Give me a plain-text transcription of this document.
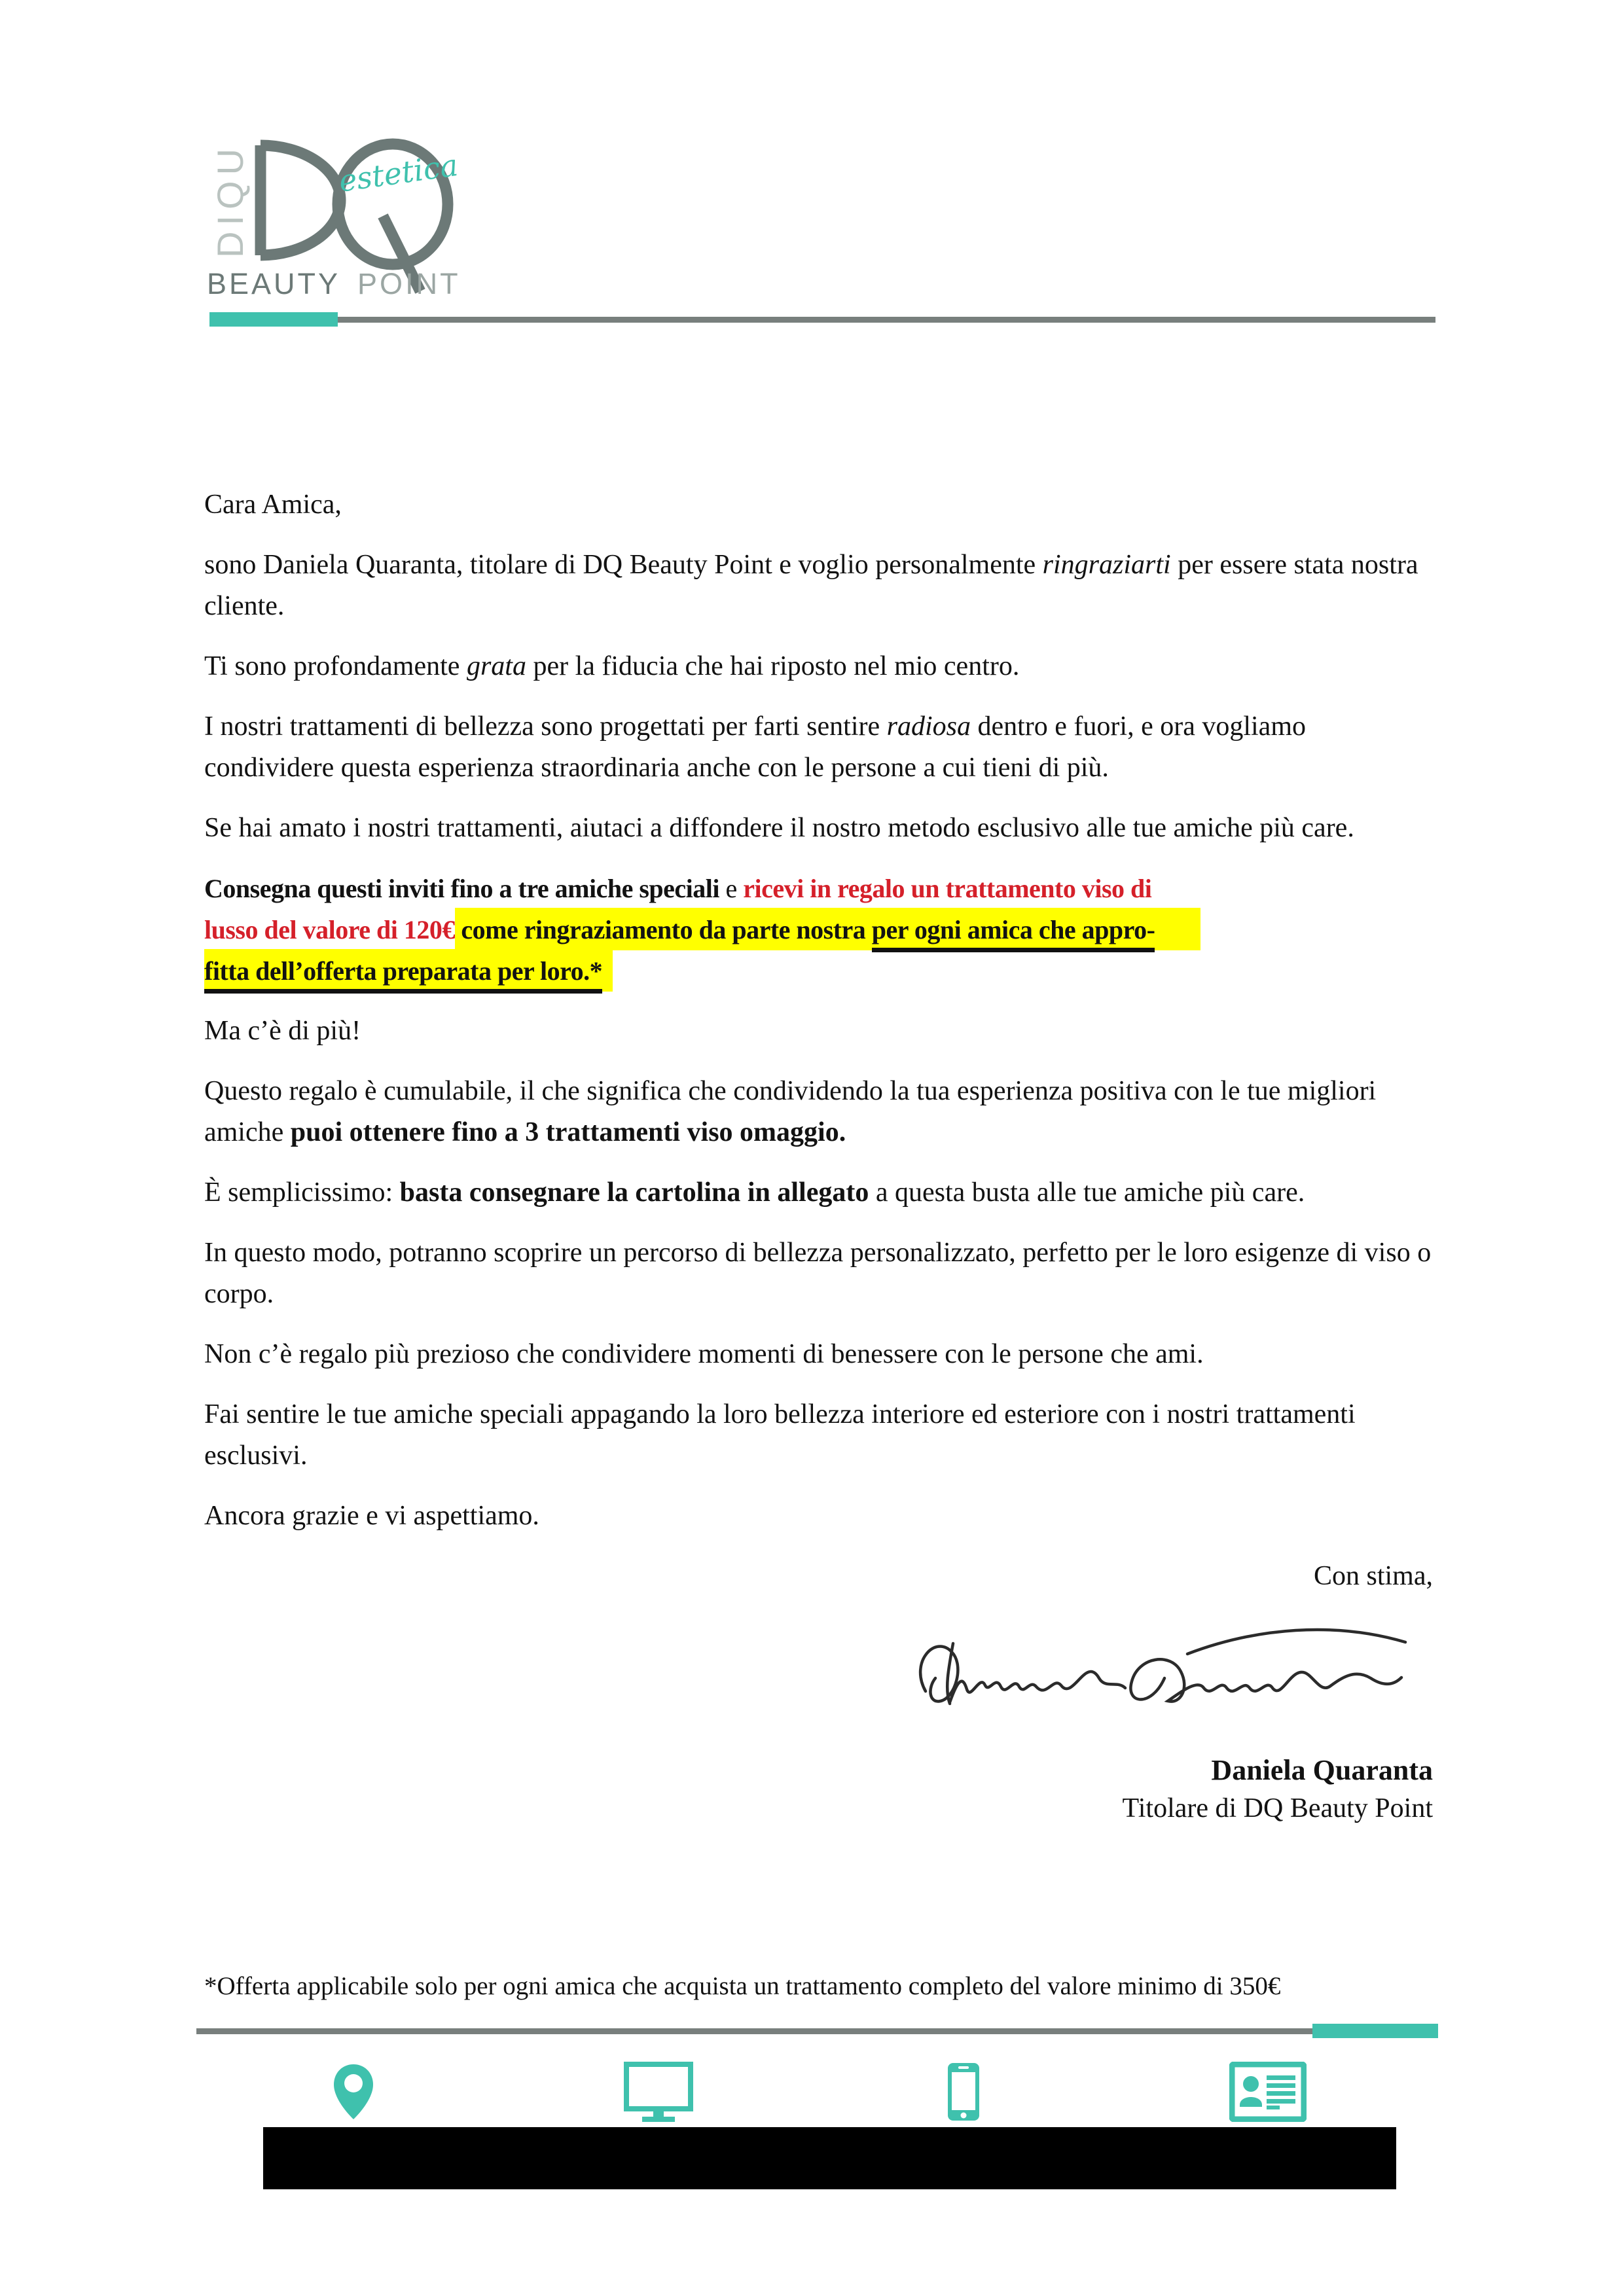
DIQU	estetica
BEAUTY POINT

Cara Amica,

sono Daniela Quaranta, titolare di DQ Beauty Point e voglio personalmente ringraziarti per essere stata nostra cliente.

Ti sono profondamente grata per la fiducia che hai riposto nel mio centro.

I nostri trattamenti di bellezza sono progettati per farti sentire radiosa dentro e fuori, e ora vogliamo condividere questa esperienza straordinaria anche con le persone a cui tieni di più.

Se hai amato i nostri trattamenti, aiutaci a diffondere il nostro metodo esclusivo alle tue amiche più care.

Consegna questi inviti fino a tre amiche speciali e ricevi in regalo un trattamento viso di
lusso del valore di 120€ come ringraziamento da parte nostra per ogni amica che appro-
fitta dell’offerta preparata per loro.*

Ma c’è di più!

Questo regalo è cumulabile, il che significa che condividendo la tua esperienza positiva con le tue migliori amiche puoi ottenere fino a 3 trattamenti viso omaggio.

È semplicissimo: basta consegnare la cartolina in allegato a questa busta alle tue amiche più care.

In questo modo, potranno scoprire un percorso di bellezza personalizzato, perfetto per le loro esigenze di viso o corpo.

Non c’è regalo più prezioso che condividere momenti di benessere con le persone che ami.

Fai sentire le tue amiche speciali appagando la loro bellezza interiore ed esteriore con i nostri trattamenti esclusivi.

Ancora grazie e vi aspettiamo.

Con stima,

Daniela Quaranta
Titolare di DQ Beauty Point
*Offerta applicabile solo per ogni amica che acquista un trattamento completo del valore minimo di 350€
